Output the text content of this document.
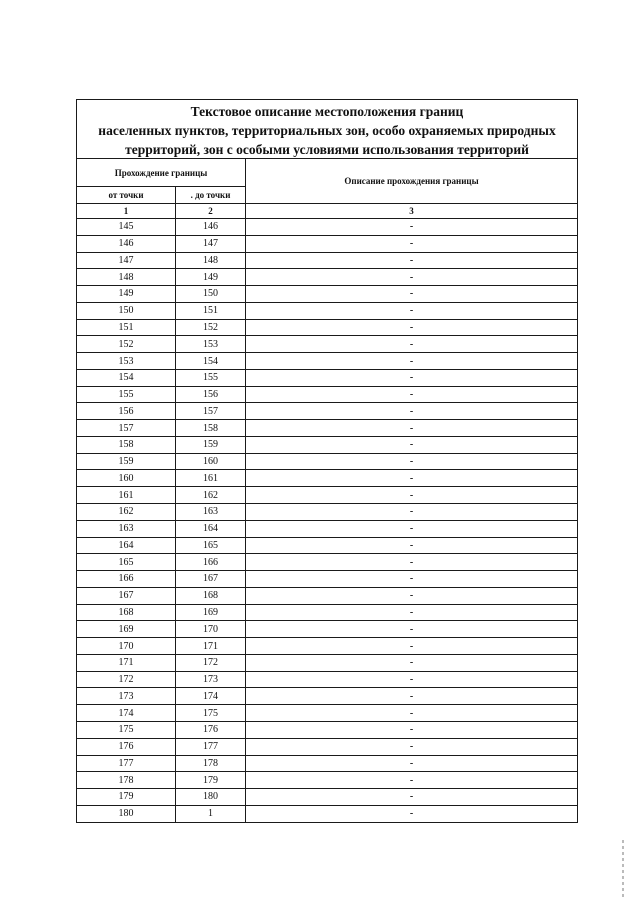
Текстовое описание местоположения границ
населенных пунктов, территориальных зон, особо охраняемых природных
территорий, зон с особыми условиями использования территорий		

Прохождение границы		Описание прохождения границы
от точки	. до точки	
1	2	3
145	146	-
146	147	-
147	148	-
148	149	-
149	150	-
150	151	-
151	152	-
152	153	-
153	154	-
154	155	-
155	156	-
156	157	-
157	158	-
158	159	-
159	160	-
160	161	-
161	162	-
162	163	-
163	164	-
164	165	-
165	166	-
166	167	-
167	168	-
168	169	-
169	170	-
170	171	-
171	172	-
172	173	-
173	174	-
174	175	-
175	176	-
176	177	-
177	178	-
178	179	-
179	180	-
180	1	-
